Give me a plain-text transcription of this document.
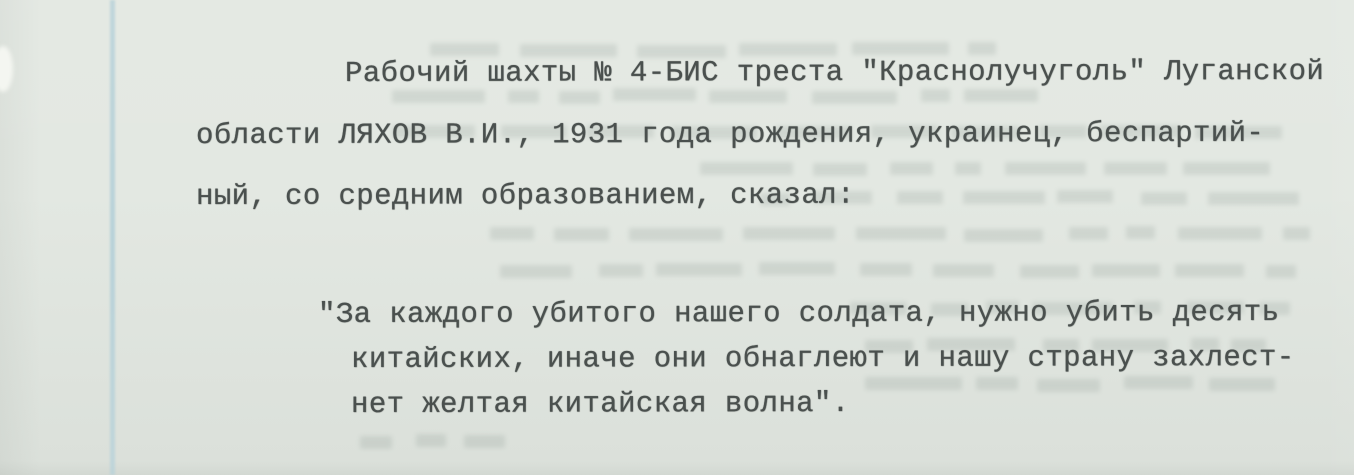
Рабочий шахты № 4-БИС треста "Краснолучуголь" Луганской
области ЛЯХОВ В.И., 1931 года рождения, украинец, беспартий-
ный, со средним образованием, сказал:
"За каждого убитого нашего солдата, нужно убить десять
китайских, иначе они обнаглеют и нашу страну захлест-
нет желтая китайская волна".
